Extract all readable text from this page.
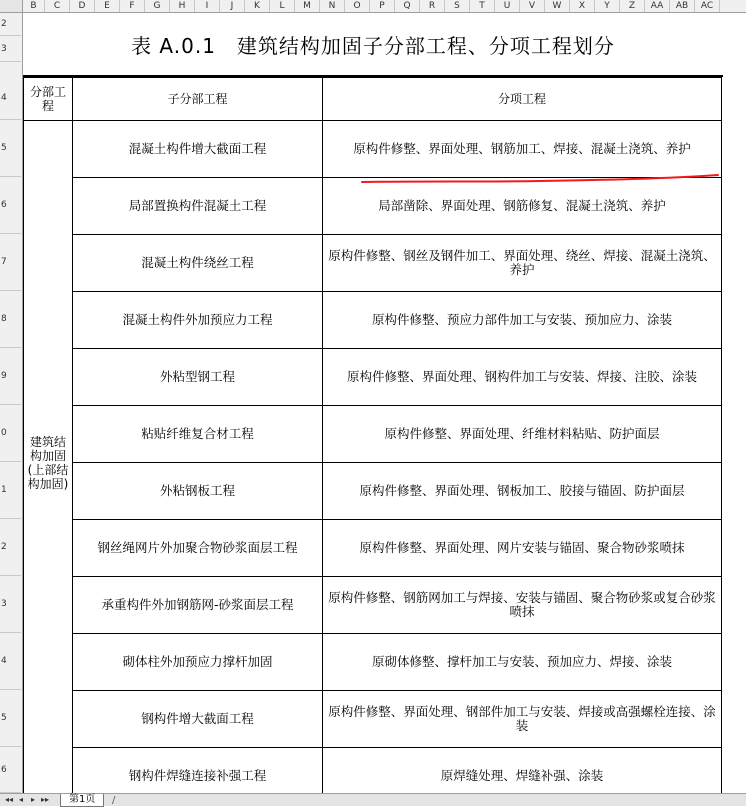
B	C	D	E	F	G	H	I	J	K	L	M	N	O	P	Q	R	S	T	U	V	W	X	Y	Z	AA	AB	AC
2
3
4
5
6
7
8
9
0
1
2
3
4
5
6
表 A.0.1　建筑结构加固子分部工程、分项工程划分
分部工程	子分部工程	分项工程
建筑结构加固(上部结构加固)	混凝土构件增大截面工程	原构件修整、界面处理、钢筋加工、焊接、混凝土浇筑、养护
	局部置换构件混凝土工程	局部凿除、界面处理、钢筋修复、混凝土浇筑、养护
	混凝土构件绕丝工程	原构件修整、钢丝及钢件加工、界面处理、绕丝、焊接、混凝土浇筑、养护
	混凝土构件外加预应力工程	原构件修整、预应力部件加工与安装、预加应力、涂装
	外粘型钢工程	原构件修整、界面处理、钢构件加工与安装、焊接、注胶、涂装
	粘贴纤维复合材工程	原构件修整、界面处理、纤维材料粘贴、防护面层
	外粘钢板工程	原构件修整、界面处理、钢板加工、胶接与锚固、防护面层
	钢丝绳网片外加聚合物砂浆面层工程	原构件修整、界面处理、网片安装与锚固、聚合物砂浆喷抹
	承重构件外加钢筋网-砂浆面层工程	原构件修整、钢筋网加工与焊接、安装与锚固、聚合物砂浆或复合砂浆喷抹
	砌体柱外加预应力撑杆加固	原砌体修整、撑杆加工与安装、预加应力、焊接、涂装
	钢构件增大截面工程	原构件修整、界面处理、钢部件加工与安装、焊接或高强螺栓连接、涂装
	钢构件焊缝连接补强工程	原焊缝处理、焊缝补强、涂装
◂◂ ◂ ▸ ▸▸	第1页	/
